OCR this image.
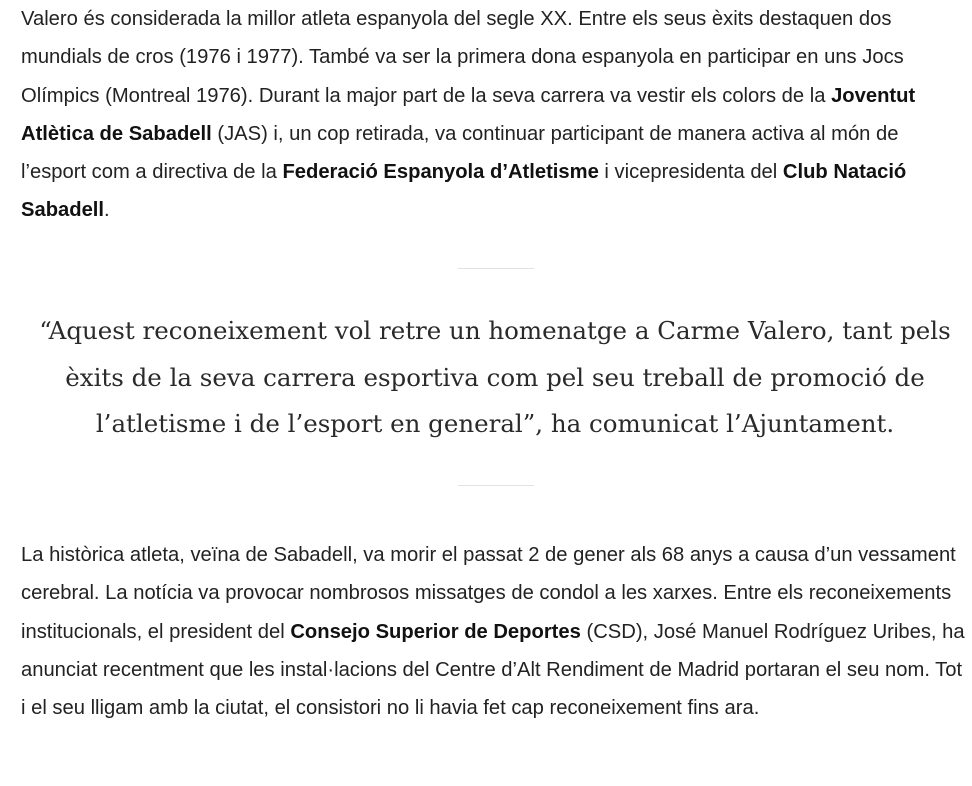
Valero és considerada la millor atleta espanyola del segle XX. Entre els seus èxits destaquen dos mundials de cros (1976 i 1977). També va ser la primera dona espanyola en participar en uns Jocs Olímpics (Montreal 1976). Durant la major part de la seva carrera va vestir els colors de la Joventut Atlètica de Sabadell (JAS) i, un cop retirada, va continuar participant de manera activa al món de l’esport com a directiva de la Federació Espanyola d’Atletisme i vicepresidenta del Club Natació Sabadell.

“Aquest reconeixement vol retre un homenatge a Carme Valero, tant pels èxits de la seva carrera esportiva com pel seu treball de promoció de l’atletisme i de l’esport en general”, ha comunicat l’Ajuntament.

La històrica atleta, veïna de Sabadell, va morir el passat 2 de gener als 68 anys a causa d’un vessament cerebral. La notícia va provocar nombrosos missatges de condol a les xarxes. Entre els reconeixements institucionals, el president del Consejo Superior de Deportes (CSD), José Manuel Rodríguez Uribes, ha anunciat recentment que les instal·lacions del Centre d’Alt Rendiment de Madrid portaran el seu nom. Tot i el seu lligam amb la ciutat, el consistori no li havia fet cap reconeixement fins ara.
